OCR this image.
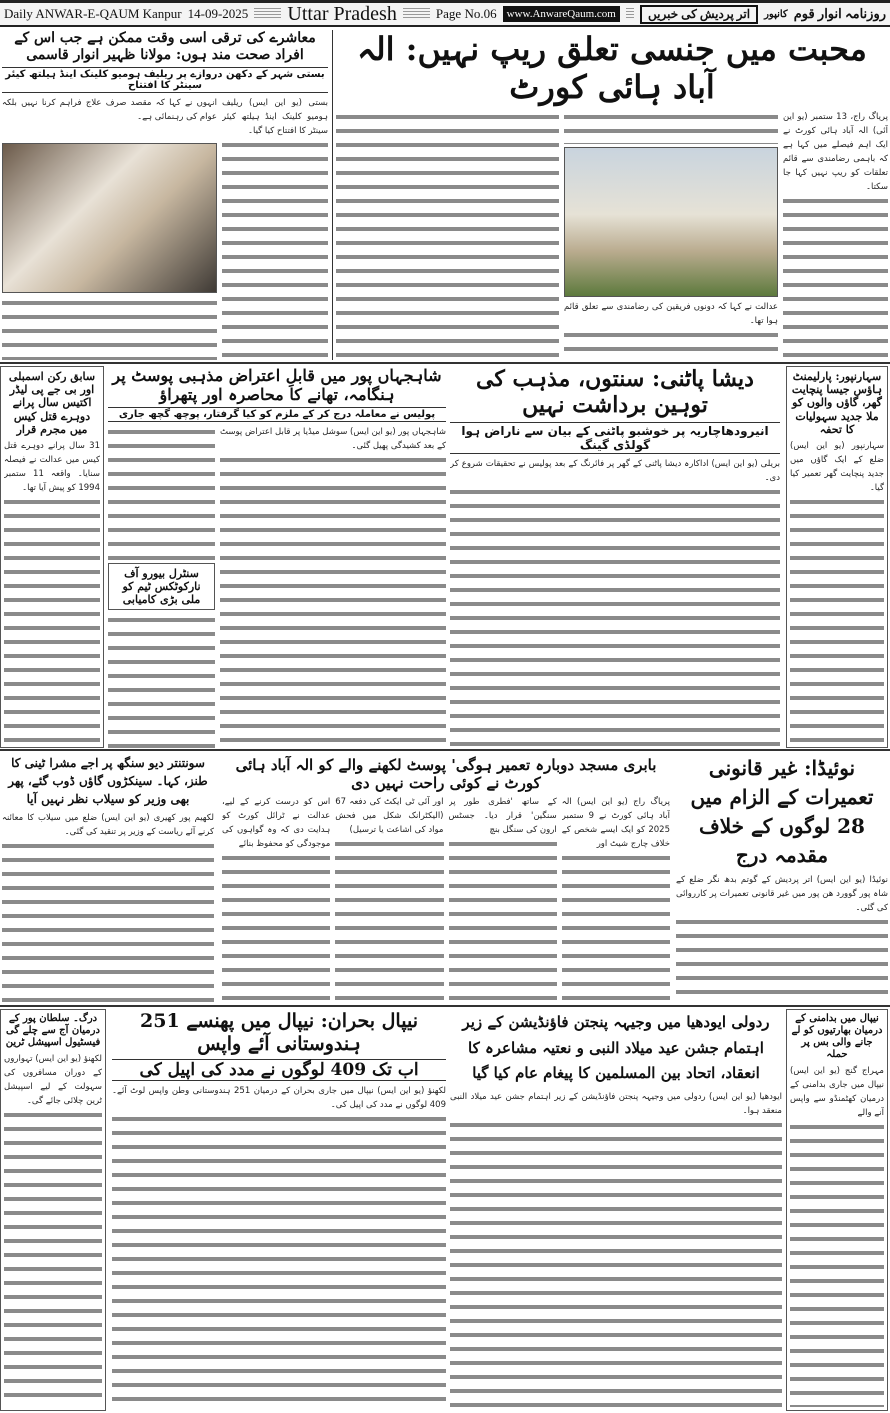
Daily ANWAR-E-QAUM Kanpur 14-09-2025 Uttar Pradesh	Page No.06 www.AnwareQaum.com	اتر پردیش کی خبریں	کانپور روزنامہ انوار قوم
محبت میں جنسی تعلق ریپ نہیں: الہ آباد ہائی کورٹ
پریاگ راج، 13 ستمبر (یو این آئی) الہ آباد ہائی کورٹ نے ایک اہم فیصلے میں کہا ہے کہ باہمی رضامندی سے قائم تعلقات کو ریپ نہیں کہا جا سکتا۔
عدالت نے کہا کہ دونوں فریقین کی رضامندی سے تعلق قائم ہوا تھا۔
معاشرے کی ترقی اسی وقت ممکن ہے جب اس کے افراد صحت مند ہوں: مولانا ظہیر انوار قاسمی
بستی شہر کے دکھن دروازے پر ریلیف ہومیو کلینک اینڈ ہیلتھ کیئر سینٹر کا افتتاح
بستی (یو این ایس) ریلیف ہومیو کلینک اینڈ ہیلتھ کیئر سینٹر کا افتتاح کیا گیا۔
انہوں نے کہا کہ مقصد صرف علاج فراہم کرنا نہیں بلکہ عوام کی رہنمائی ہے۔
سہارنپور: پارلیمنٹ ہاؤس جیسا پنچایت گھر، گاؤں والوں کو ملا جدید سہولیات کا تحفہ
سہارنپور (یو این ایس) ضلع کے ایک گاؤں میں جدید پنچایت گھر تعمیر کیا گیا۔
دیشا پاٹنی: سنتوں، مذہب کی توہین برداشت نہیں
انیرودھاچاریہ پر خوشبو پاٹنی کے بیان سے ناراض ہوا گولڈی گینگ
بریلی (یو این ایس) اداکارہ دیشا پاٹنی کے گھر پر فائرنگ کے بعد پولیس نے تحقیقات شروع کر دی۔
شاہجہاں پور میں قابلِ اعتراض مذہبی پوسٹ پر ہنگامہ، تھانے کا محاصرہ اور پتھراؤ
پولیس نے معاملہ درج کر کے ملزم کو کیا گرفتار، پوچھ گچھ جاری
شاہجہاں پور (یو این ایس) سوشل میڈیا پر قابل اعتراض پوسٹ کے بعد کشیدگی پھیل گئی۔
سنٹرل بیورو آف نارکوٹکس ٹیم کو ملی بڑی کامیابی
سابق رکن اسمبلی اور بی جے پی لیڈر اکتیس سال پرانے دوہرے قتل کیس میں مجرم قرار
31 سال پرانے دوہرے قتل کیس میں عدالت نے فیصلہ سنایا۔ واقعہ 11 ستمبر 1994 کو پیش آیا تھا۔
نوئیڈا: غیر قانونی تعمیرات کے الزام میں 28 لوگوں کے خلاف مقدمہ درج
نوئیڈا (یو این ایس) اتر پردیش کے گوتم بدھ نگر ضلع کے شاہ پور گوورد ھن پور میں غیر قانونی تعمیرات پر کارروائی کی گئی۔
بابری مسجد دوبارہ تعمیر ہوگی' پوسٹ لکھنے والے کو الہ آباد ہائی کورٹ نے کوئی راحت نہیں دی
پریاگ راج (یو این ایس) الہ آباد ہائی کورٹ نے 9 ستمبر 2025 کو ایک ایسے شخص کے خلاف چارج شیٹ اور
کے ساتھ 'فطری طور پر سنگین' قرار دیا۔ جسٹس ارون کی سنگل بنچ
اور آئی ٹی ایکٹ کی دفعہ 67 (الیکٹرانک شکل میں فحش مواد کی اشاعت یا ترسیل)
اس کو درست کرنے کے لیے، عدالت نے ٹرائل کورٹ کو ہدایت دی کہ وہ گواہوں کی موجودگی کو محفوظ بنائے
سونتنتر دیو سنگھ پر اجے مشرا ٹینی کا طنز، کہا۔ سینکڑوں گاؤں ڈوب گئے، پھر بھی وزیر کو سیلاب نظر نہیں آیا
لکھیم پور کھیری (یو این ایس) ضلع میں سیلاب کا معائنہ کرنے آئے ریاست کے وزیر پر تنقید کی گئی۔
نیپال میں بدامنی کے درمیان بھارتیوں کو لے جانے والی بس پر حملہ
مہراج گنج (یو این ایس) نیپال میں جاری بدامنی کے درمیان کھٹمنڈو سے واپس آنے والے
ردولی ایودھیا میں وجیہہ پنجتن فاؤنڈیشن کے زیر اہتمام جشن عید میلاد النبی و نعتیہ مشاعرہ کا انعقاد، اتحاد بین المسلمین کا پیغام عام کیا گیا
ایودھیا (یو این ایس) ردولی میں وجیہہ پنجتن فاؤنڈیشن کے زیر اہتمام جشن عید میلاد النبی منعقد ہوا۔
نیپال بحران: نیپال میں پھنسے 251 ہندوستانی آئے واپس
اب تک 409 لوگوں نے مدد کی اپیل کی
لکھنؤ (یو این ایس) نیپال میں جاری بحران کے درمیان 251 ہندوستانی وطن واپس لوٹ آئے۔ 409 لوگوں نے مدد کی اپیل کی۔
درگ۔ سلطان پور کے درمیان آج سے چلے گی فیسٹیول اسپیشل ٹرین
لکھنؤ (یو این ایس) تہواروں کے دوران مسافروں کی سہولت کے لیے اسپیشل ٹرین چلائی جائے گی۔
